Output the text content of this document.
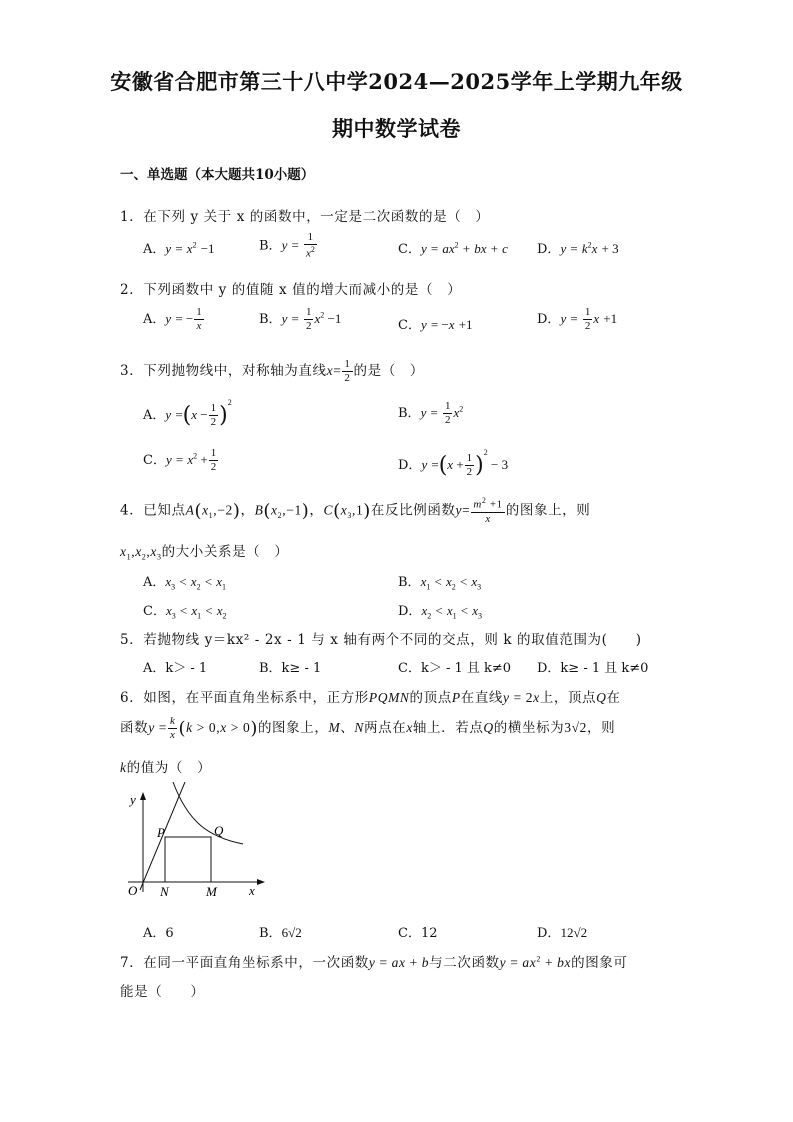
安徽省合肥市第三十八中学2024—2025学年上学期九年级
期中数学试卷
一、单选题（本大题共10小题）
1．在下列 y 关于 x 的函数中，一定是二次函数的是（　）
A．$y = x^2 -1$	B．$y = \frac{1}{x^2}$	C．$y = ax^2$ + bx + c D．$y = k^2x + 3$
2．下列函数中 y 的值随 x 值的增大而减小的是（　）
A．y = − $\frac{1}{x}$	B．$y = \frac{1}{2} x^2 -1$	C．y = −x +1	D．$y = \frac{1}{2}$ x +1
3．下列抛物线中，对称轴为直线$x= \frac{1}{2}$ 的是（　）
A．$y =(x - \frac{1}{2} )^2$
B．$y = \frac{1}{2} x^2$
C．$y = x^2 + \frac{1}{2}$	D．$y =(x + \frac{1}{2} )^2 - 3$
4．已知点$A(x_1,-2)$，$B(x_2,-1)$，$C(x_3,1)$在反比例函数$y= \frac{m^2 +1}{x}$ 的图象上，则
$x_1,x_2,x_3$的大小关系是（　）
A．$x_3 < x_2 < x_1$	B．$x_1 < x_2 < x_3$
C．$x_3 < x_1 < x_2$	D．$x_2 < x_1 < x_3$
5．若抛物线 y＝kx² ‑ 2x ‑ 1 与 x 轴有两个不同的交点，则 k 的取值范围为(　　)
A．k＞ ‑ 1	B．k≥ ‑ 1	C．k＞ ‑ 1 且 k≠0 D．k≥ ‑ 1 且 k≠0
6．如图，在平面直角坐标系中，正方形PQMN的顶点P在直线y = 2x上，顶点Q在
函数$y = \frac{k}{x} (k > 0,x > 0)$的图象上，M、N两点在x轴上．若点Q的横坐标为3√2，则
k的值为（　）
y
x
O N	M
P	Q
A．6	B．6√2	C．12	D．12√2
7．在同一平面直角坐标系中，一次函数y = ax + b与二次函数$y = ax^2$ + bx的图象可
能是（　　）
